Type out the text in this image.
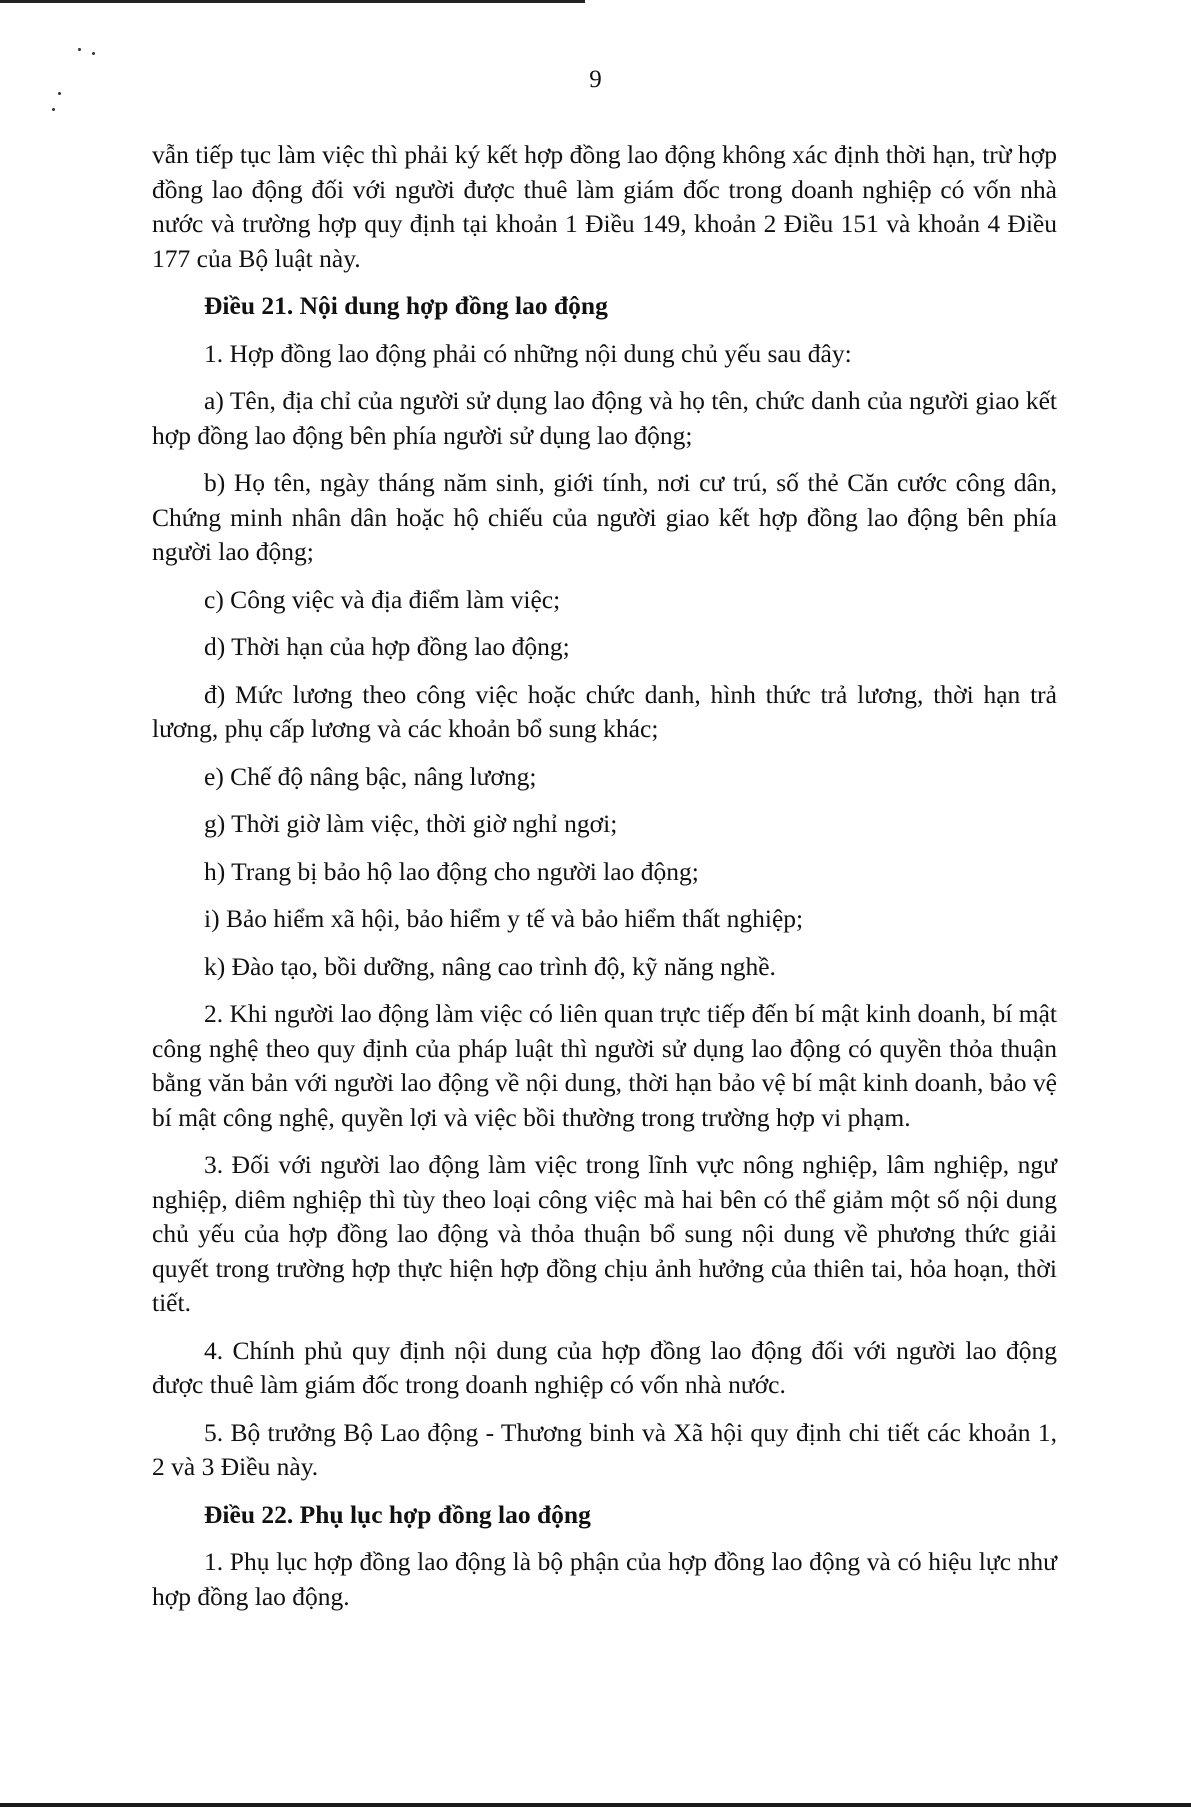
9

vẫn tiếp tục làm việc thì phải ký kết hợp đồng lao động không xác định thời hạn, trừ hợp đồng lao động đối với người được thuê làm giám đốc trong doanh nghiệp có vốn nhà nước và trường hợp quy định tại khoản 1 Điều 149, khoản 2 Điều 151 và khoản 4 Điều 177 của Bộ luật này.

Điều 21. Nội dung hợp đồng lao động

1. Hợp đồng lao động phải có những nội dung chủ yếu sau đây:

a) Tên, địa chỉ của người sử dụng lao động và họ tên, chức danh của người giao kết hợp đồng lao động bên phía người sử dụng lao động;

b) Họ tên, ngày tháng năm sinh, giới tính, nơi cư trú, số thẻ Căn cước công dân, Chứng minh nhân dân hoặc hộ chiếu của người giao kết hợp đồng lao động bên phía người lao động;

c) Công việc và địa điểm làm việc;

d) Thời hạn của hợp đồng lao động;

đ) Mức lương theo công việc hoặc chức danh, hình thức trả lương, thời hạn trả lương, phụ cấp lương và các khoản bổ sung khác;

e) Chế độ nâng bậc, nâng lương;

g) Thời giờ làm việc, thời giờ nghỉ ngơi;

h) Trang bị bảo hộ lao động cho người lao động;

i) Bảo hiểm xã hội, bảo hiểm y tế và bảo hiểm thất nghiệp;

k) Đào tạo, bồi dưỡng, nâng cao trình độ, kỹ năng nghề.

2. Khi người lao động làm việc có liên quan trực tiếp đến bí mật kinh doanh, bí mật công nghệ theo quy định của pháp luật thì người sử dụng lao động có quyền thỏa thuận bằng văn bản với người lao động về nội dung, thời hạn bảo vệ bí mật kinh doanh, bảo vệ bí mật công nghệ, quyền lợi và việc bồi thường trong trường hợp vi phạm.

3. Đối với người lao động làm việc trong lĩnh vực nông nghiệp, lâm nghiệp, ngư nghiệp, diêm nghiệp thì tùy theo loại công việc mà hai bên có thể giảm một số nội dung chủ yếu của hợp đồng lao động và thỏa thuận bổ sung nội dung về phương thức giải quyết trong trường hợp thực hiện hợp đồng chịu ảnh hưởng của thiên tai, hỏa hoạn, thời tiết.

4. Chính phủ quy định nội dung của hợp đồng lao động đối với người lao động được thuê làm giám đốc trong doanh nghiệp có vốn nhà nước.

5. Bộ trưởng Bộ Lao động - Thương binh và Xã hội quy định chi tiết các khoản 1, 2 và 3 Điều này.

Điều 22. Phụ lục hợp đồng lao động

1. Phụ lục hợp đồng lao động là bộ phận của hợp đồng lao động và có hiệu lực như hợp đồng lao động.
